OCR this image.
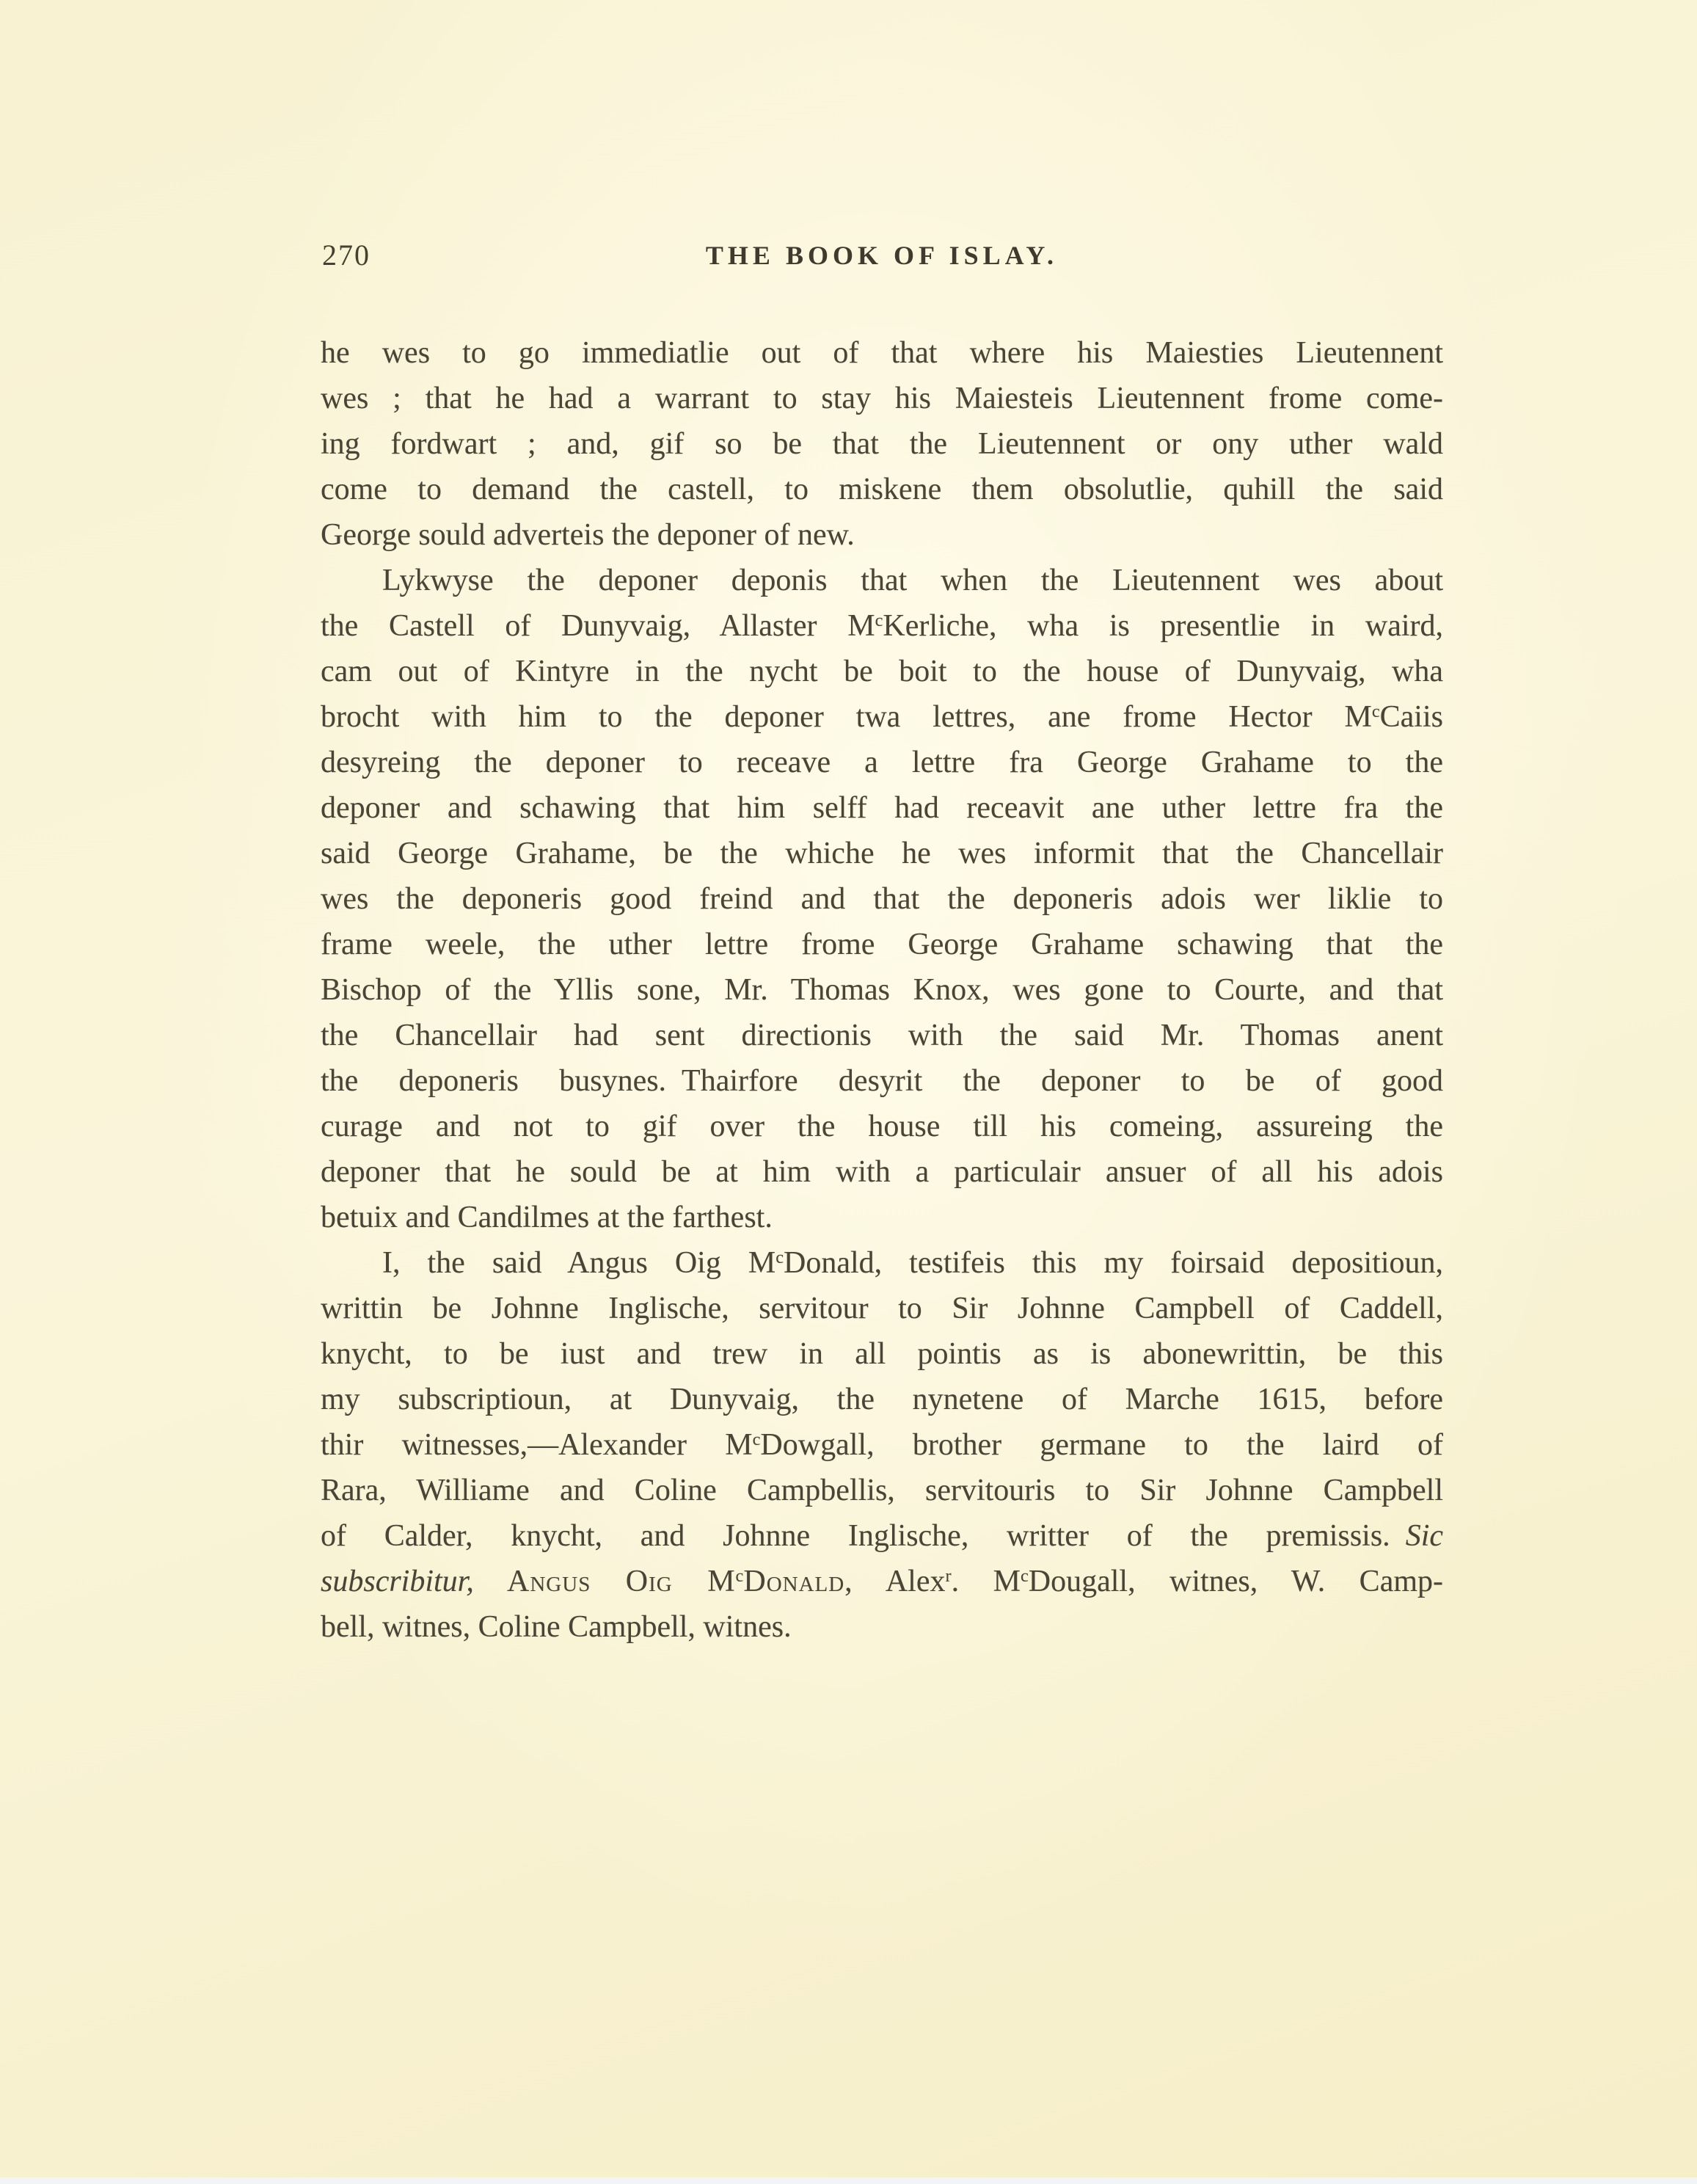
270	THE BOOK OF ISLAY.
he wes to go immediatlie out of that where his Maiesties Lieutennent
wes ; that he had a warrant to stay his Maiesteis Lieutennent frome come-
ing fordwart ; and, gif so be that the Lieutennent or ony uther wald
come to demand the castell, to miskene them obsolutlie, quhill the said
George sould adverteis the deponer of new.
Lykwyse the deponer deponis that when the Lieutennent wes about
the Castell of Dunyvaig, Allaster $M^cKerliche$, wha is presentlie in waird,
cam out of Kintyre in the nycht be boit to the house of Dunyvaig, wha
brocht with him to the deponer twa lettres, ane frome Hector $M^cCaiis$
desyreing the deponer to receave a lettre fra George Grahame to the
deponer and schawing that him selff had receavit ane uther lettre fra the
said George Grahame, be the whiche he wes informit that the Chancellair
wes the deponeris good freind and that the deponeris adois wer liklie to
frame weele, the uther lettre frome George Grahame schawing that the
Bischop of the Yllis sone, Mr. Thomas Knox, wes gone to Courte, and that
the Chancellair had sent directionis with the said Mr. Thomas anent
the deponeris busynes. Thairfore desyrit the deponer to be of good
curage and not to gif over the house till his comeing, assureing the
deponer that he sould be at him with a particulair ansuer of all his adois
betuix and Candilmes at the farthest.
I, the said Angus Oig $M^cDonald$, testifeis this my foirsaid depositioun,
writtin be Johnne Inglische, servitour to Sir Johnne Campbell of Caddell,
knycht, to be iust and trew in all pointis as is abonewrittin, be this
my subscriptioun, at Dunyvaig, the nynetene of Marche 1615, before
thir witnesses,—Alexander $M^cDowgall$, brother germane to the laird of
Rara, Williame and Coline Campbellis, servitouris to Sir Johnne Campbell
of Calder, knycht, and Johnne Inglische, writter of the premissis. Sic
subscribitur, Angus Oig $M^cDonald$, Alex$^r$. $M^cDougall$, witnes, W. Camp-
bell, witnes, Coline Campbell, witnes.
